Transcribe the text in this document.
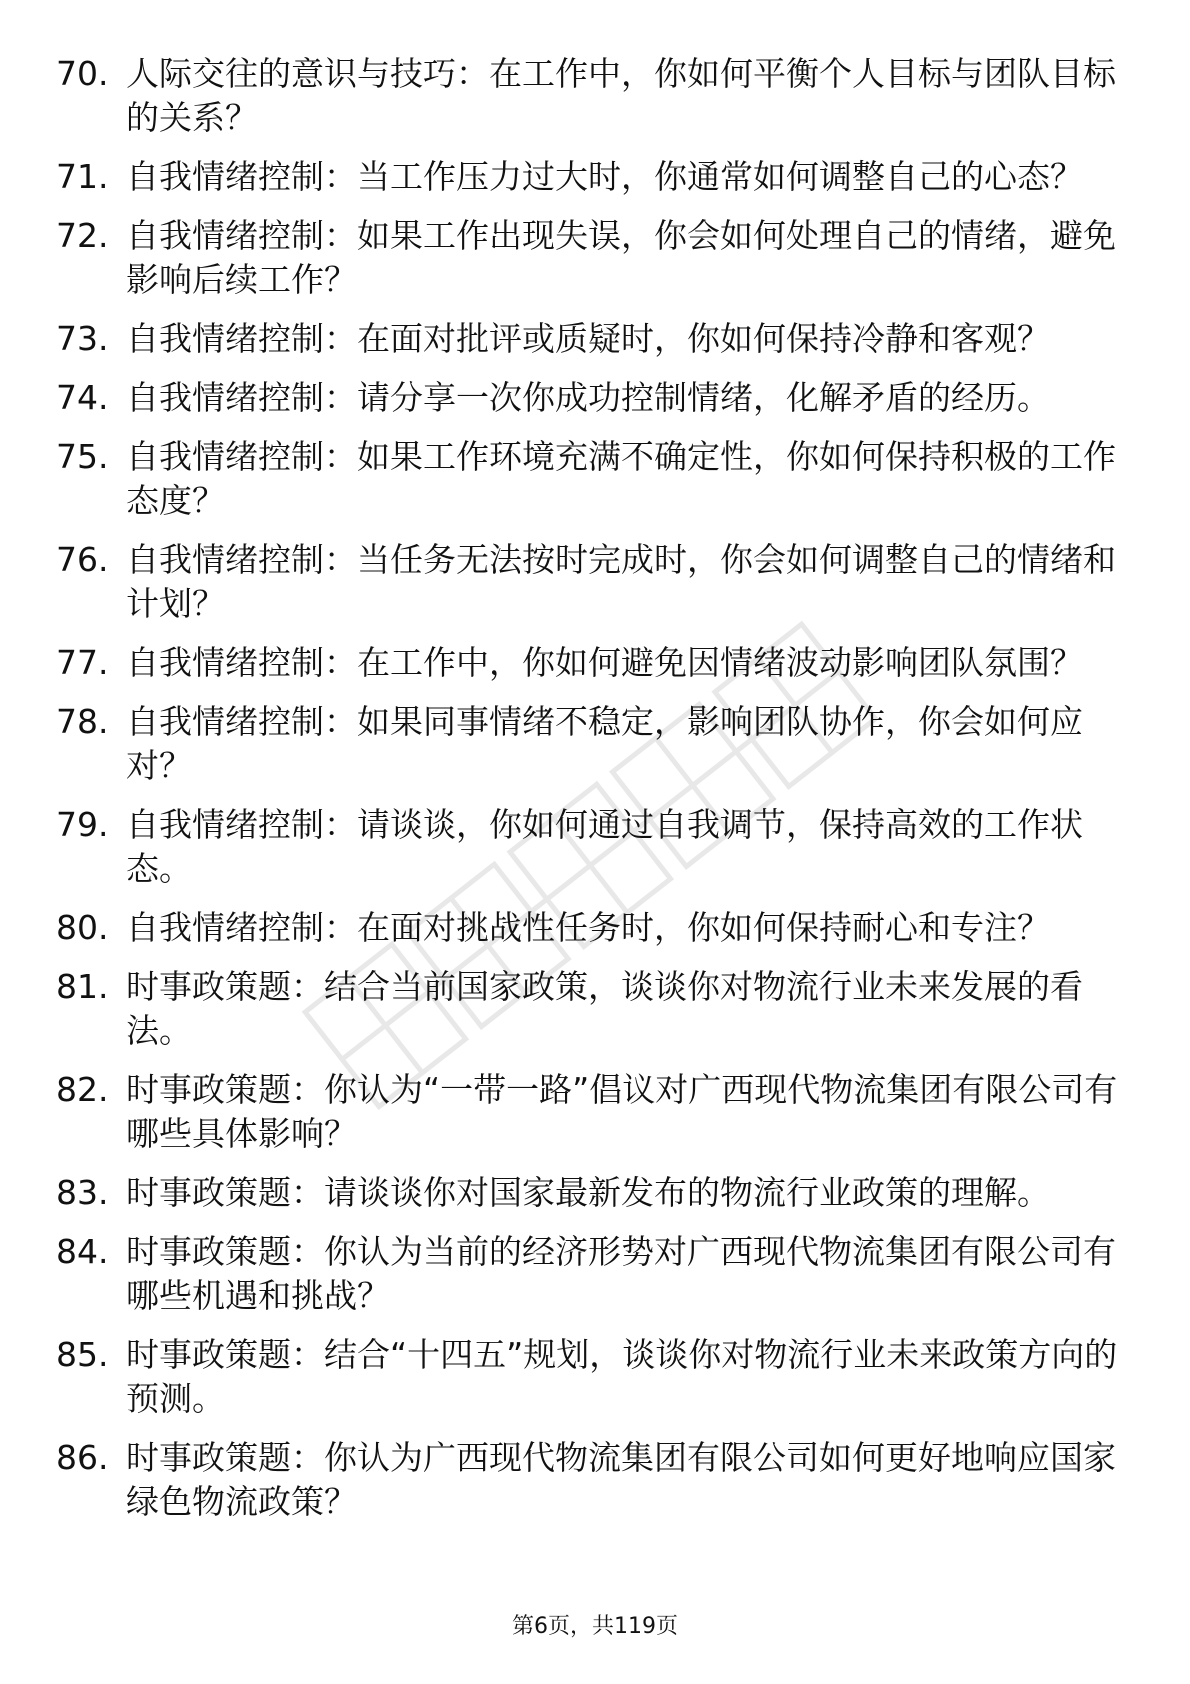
70. 人际交往的意识与技巧：在工作中，你如何平衡个人目标与团队目标的关系？
71. 自我情绪控制：当工作压力过大时，你通常如何调整自己的心态？
72. 自我情绪控制：如果工作出现失误，你会如何处理自己的情绪，避免影响后续工作？
73. 自我情绪控制：在面对批评或质疑时，你如何保持冷静和客观？
74. 自我情绪控制：请分享一次你成功控制情绪，化解矛盾的经历。
75. 自我情绪控制：如果工作环境充满不确定性，你如何保持积极的工作态度？
76. 自我情绪控制：当任务无法按时完成时，你会如何调整自己的情绪和计划？
77. 自我情绪控制：在工作中，你如何避免因情绪波动影响团队氛围？
78. 自我情绪控制：如果同事情绪不稳定，影响团队协作，你会如何应对？
79. 自我情绪控制：请谈谈，你如何通过自我调节，保持高效的工作状态。
80. 自我情绪控制：在面对挑战性任务时，你如何保持耐心和专注？
81. 时事政策题：结合当前国家政策，谈谈你对物流行业未来发展的看法。
82. 时事政策题：你认为“一带一路”倡议对广西现代物流集团有限公司有哪些具体影响？
83. 时事政策题：请谈谈你对国家最新发布的物流行业政策的理解。
84. 时事政策题：你认为当前的经济形势对广西现代物流集团有限公司有哪些机遇和挑战？
85. 时事政策题：结合“十四五”规划，谈谈你对物流行业未来政策方向的预测。
86. 时事政策题：你认为广西现代物流集团有限公司如何更好地响应国家绿色物流政策？
第6页，共119页
